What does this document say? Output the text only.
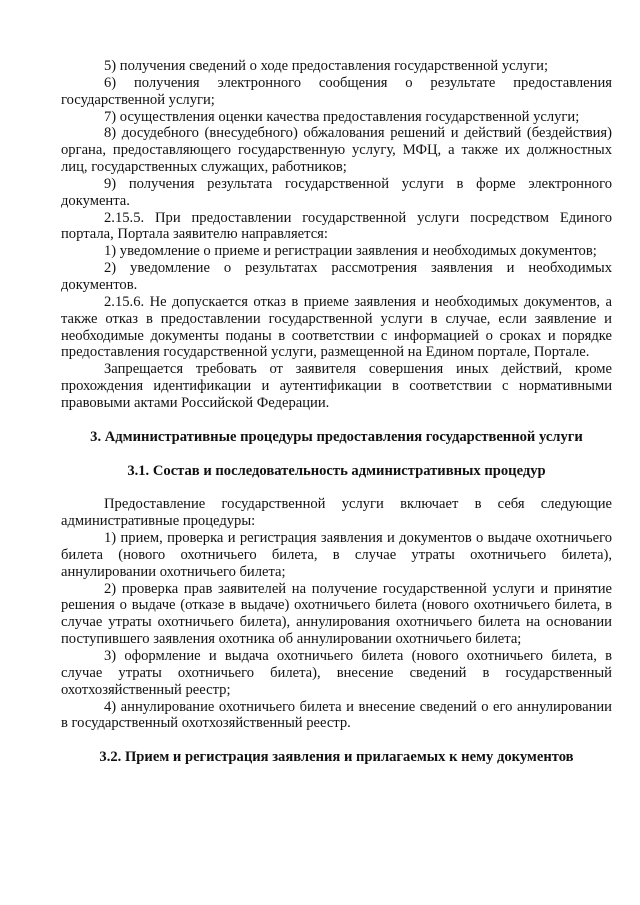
5) получения сведений о ходе предоставления государственной услуги;

6) получения электронного сообщения о результате предоставления государственной услуги;

7) осуществления оценки качества предоставления государственной услуги;

8) досудебного (внесудебного) обжалования решений и действий (бездействия) органа, предоставляющего государственную услугу, МФЦ, а также их должностных лиц, государственных служащих, работников;

9) получения результата государственной услуги в форме электронного документа.

2.15.5. При предоставлении государственной услуги посредством Единого портала, Портала заявителю направляется:

1) уведомление о приеме и регистрации заявления и необходимых документов;

2) уведомление о результатах рассмотрения заявления и необходимых документов.

2.15.6. Не допускается отказ в приеме заявления и необходимых документов, а также отказ в предоставлении государственной услуги в случае, если заявление и необходимые документы поданы в соответствии с информацией о сроках и порядке предоставления государственной услуги, размещенной на Едином портале, Портале.

Запрещается требовать от заявителя совершения иных действий, кроме прохождения идентификации и аутентификации в соответствии с нормативными правовыми актами Российской Федерации.

3. Административные процедуры предоставления государственной услуги

3.1. Состав и последовательность административных процедур

Предоставление государственной услуги включает в себя следующие административные процедуры:

1) прием, проверка и регистрация заявления и документов о выдаче охотничьего билета (нового охотничьего билета, в случае утраты охотничьего билета), аннулировании охотничьего билета;

2) проверка прав заявителей на получение государственной услуги и принятие решения о выдаче (отказе в выдаче) охотничьего билета (нового охотничьего билета, в случае утраты охотничьего билета), аннулирования охотничьего билета на основании поступившего заявления охотника об аннулировании охотничьего билета;

3) оформление и выдача охотничьего билета (нового охотничьего билета, в случае утраты охотничьего билета), внесение сведений в государственный охотхозяйственный реестр;

4) аннулирование охотничьего билета и внесение сведений о его аннулировании в государственный охотхозяйственный реестр.

3.2. Прием и регистрация заявления и прилагаемых к нему документов
